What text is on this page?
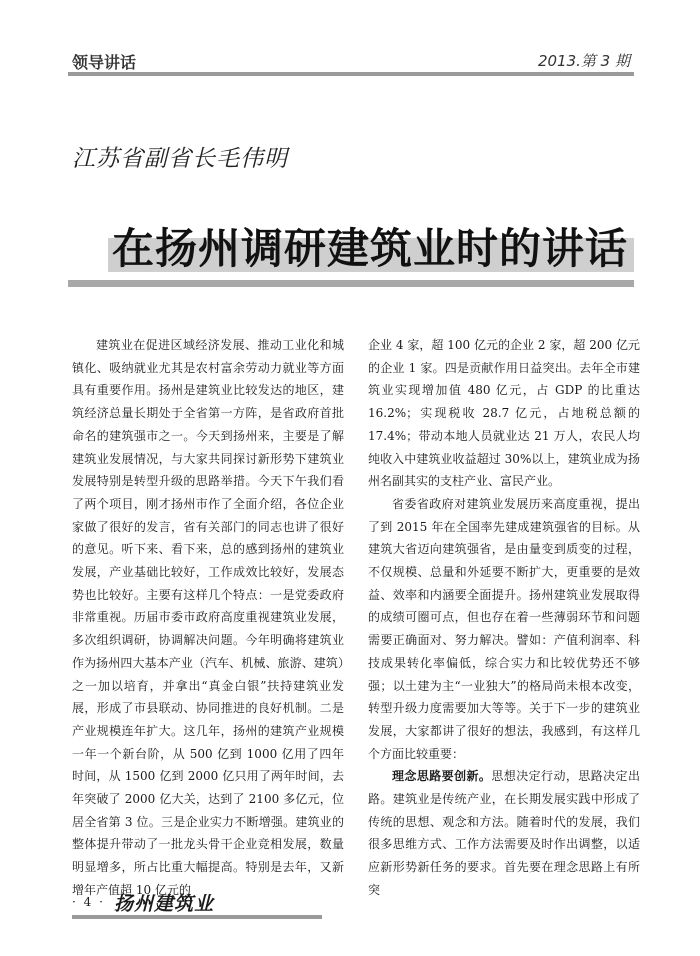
领导讲话	2013.第 3 期
江苏省副省长毛伟明
在扬州调研建筑业时的讲话

建筑业在促进区域经济发展、推动工业化和城镇化、吸纳就业尤其是农村富余劳动力就业等方面具有重要作用。扬州是建筑业比较发达的地区，建筑经济总量长期处于全省第一方阵，是省政府首批命名的建筑强市之一。今天到扬州来，主要是了解建筑业发展情况，与大家共同探讨新形势下建筑业发展特别是转型升级的思路举措。今天下午我们看了两个项目，刚才扬州市作了全面介绍，各位企业家做了很好的发言，省有关部门的同志也讲了很好的意见。听下来、看下来，总的感到扬州的建筑业发展，产业基础比较好，工作成效比较好，发展态势也比较好。主要有这样几个特点：一是党委政府非常重视。历届市委市政府高度重视建筑业发展，多次组织调研，协调解决问题。今年明确将建筑业作为扬州四大基本产业（汽车、机械、旅游、建筑）之一加以培育，并拿出“真金白银”扶持建筑业发展，形成了市县联动、协同推进的良好机制。二是产业规模连年扩大。这几年，扬州的建筑产业规模一年一个新台阶，从 500 亿到 1000 亿用了四年时间，从 1500 亿到 2000 亿只用了两年时间，去年突破了 2000 亿大关，达到了 2100 多亿元，位居全省第 3 位。三是企业实力不断增强。建筑业的整体提升带动了一批龙头骨干企业竞相发展，数量明显增多，所占比重大幅提高。特别是去年，又新增年产值超 10 亿元的

企业 4 家，超 100 亿元的企业 2 家，超 200 亿元的企业 1 家。四是贡献作用日益突出。去年全市建筑业实现增加值 480 亿元，占 GDP 的比重达 16.2%；实现税收 28.7 亿元，占地税总额的 17.4%；带动本地人员就业达 21 万人，农民人均纯收入中建筑业收益超过 30%以上，建筑业成为扬州名副其实的支柱产业、富民产业。

省委省政府对建筑业发展历来高度重视，提出了到 2015 年在全国率先建成建筑强省的目标。从建筑大省迈向建筑强省，是由量变到质变的过程，不仅规模、总量和外延要不断扩大，更重要的是效益、效率和内涵要全面提升。扬州建筑业发展取得的成绩可圈可点，但也存在着一些薄弱环节和问题需要正确面对、努力解决。譬如：产值利润率、科技成果转化率偏低，综合实力和比较优势还不够强；以土建为主“一业独大”的格局尚未根本改变，转型升级力度需要加大等等。关于下一步的建筑业发展，大家都讲了很好的想法，我感到，有这样几个方面比较重要：

理念思路要创新。思想决定行动，思路决定出路。建筑业是传统产业，在长期发展实践中形成了传统的思想、观念和方法。随着时代的发展，我们很多思维方式、工作方法需要及时作出调整，以适应新形势新任务的要求。首先要在理念思路上有所突

· 4 · 扬州建筑业
